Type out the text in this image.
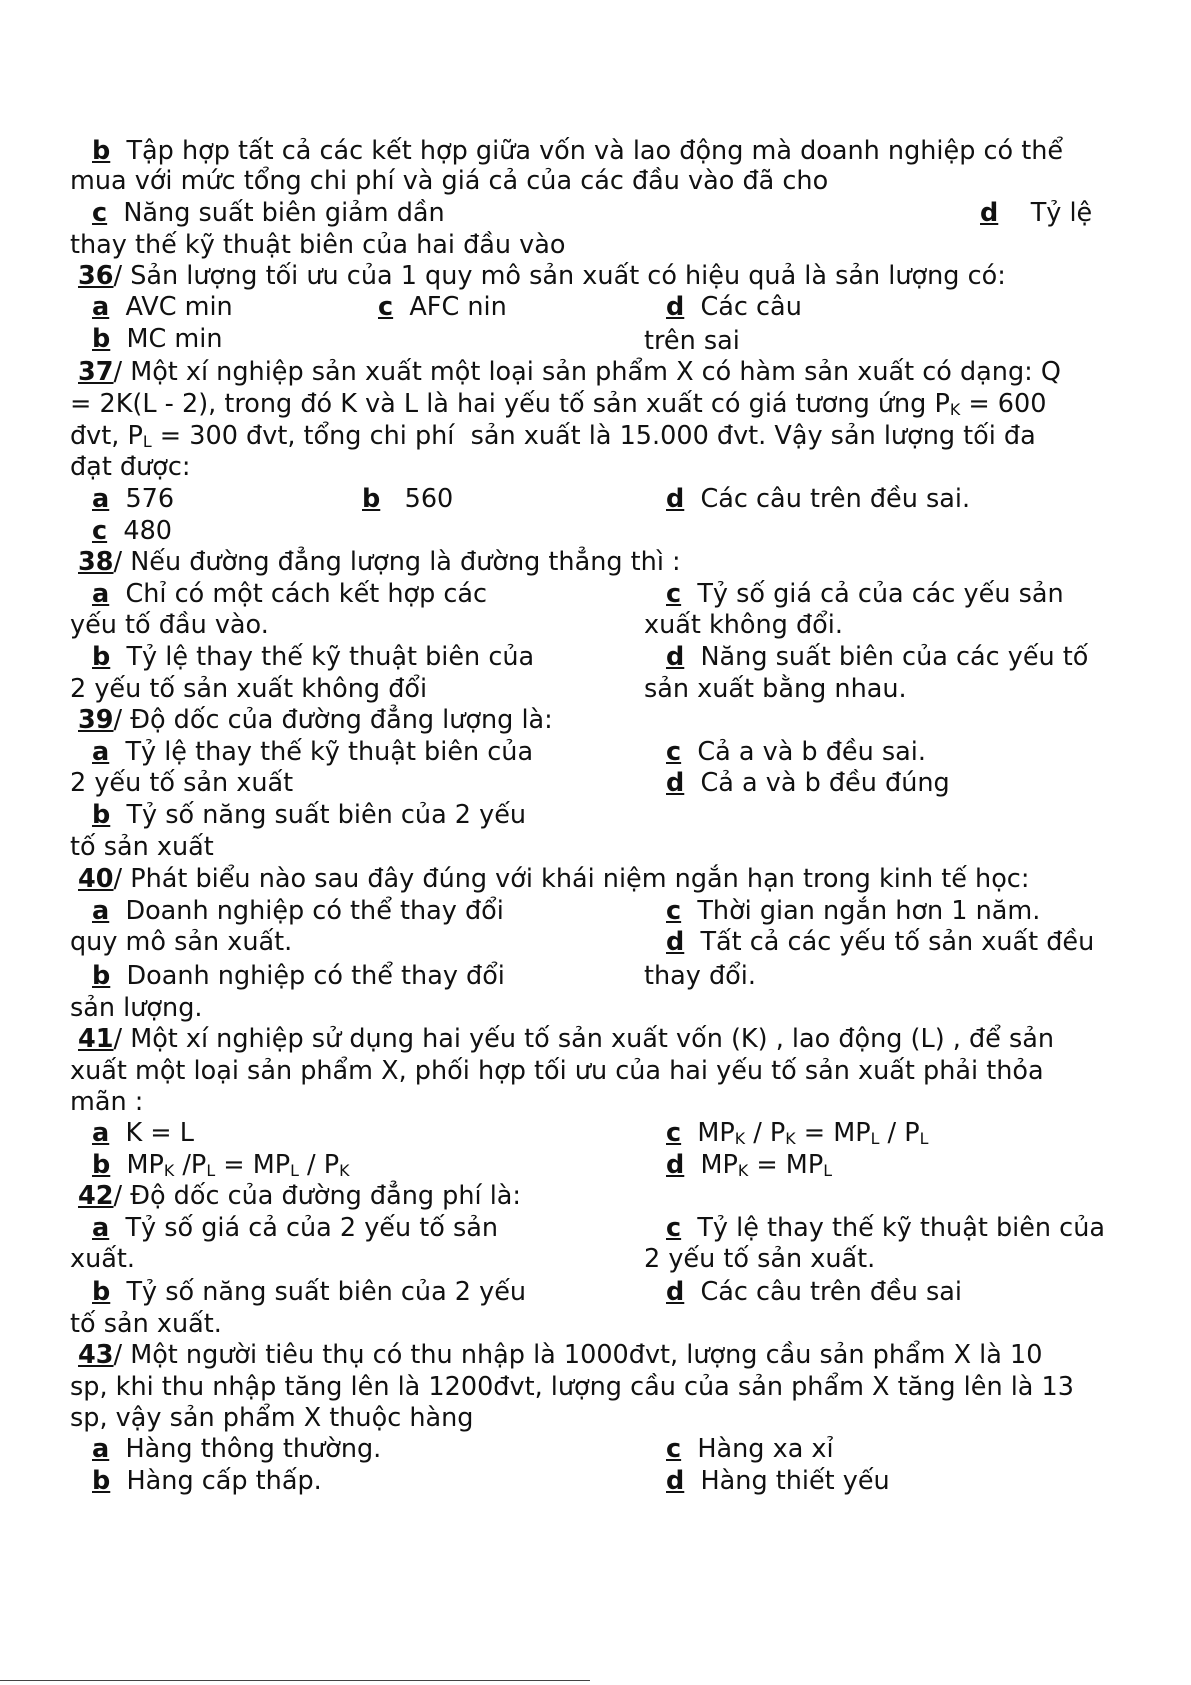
b Tập hợp tất cả các kết hợp giữa vốn và lao động mà doanh nghiệp có thể
mua với mức tổng chi phí và giá cả của các đầu vào đã cho
c Năng suất biên giảm dần	d Tỷ lệ
thay thế kỹ thuật biên của hai đầu vào
36/ Sản lượng tối ưu của 1 quy mô sản xuất có hiệu quả là sản lượng có:
a AVC min	c AFC nin	d Các câu
b MC min	trên sai
37/ Một xí nghiệp sản xuất một loại sản phẩm X có hàm sản xuất có dạng: Q
= 2K(L - 2), trong đó K và L là hai yếu tố sản xuất có giá tương ứng $P_K = 600$
đvt, $P_L = 300$ đvt, tổng chi phí  sản xuất là 15.000 đvt. Vậy sản lượng tối đa
đạt được:
a 576	b 560	d Các câu trên đều sai.
c 480
38/ Nếu đường đẳng lượng là đường thẳng thì :
a Chỉ có một cách kết hợp các	c Tỷ số giá cả của các yếu sản
yếu tố đầu vào.	xuất không đổi.
b Tỷ lệ thay thế kỹ thuật biên của	d Năng suất biên của các yếu tố
2 yếu tố sản xuất không đổi	sản xuất bằng nhau.
39/ Độ dốc của đường đẳng lượng là:
a Tỷ lệ thay thế kỹ thuật biên của	c Cả a và b đều sai.
2 yếu tố sản xuất	d Cả a và b đều đúng
b Tỷ số năng suất biên của 2 yếu
tố sản xuất
40/ Phát biểu nào sau đây đúng với khái niệm ngắn hạn trong kinh tế học:
a Doanh nghiệp có thể thay đổi	c Thời gian ngắn hơn 1 năm.
quy mô sản xuất.	d Tất cả các yếu tố sản xuất đều
b Doanh nghiệp có thể thay đổi	thay đổi.
sản lượng.
41/ Một xí nghiệp sử dụng hai yếu tố sản xuất vốn (K) , lao động (L) , để sản
xuất một loại sản phẩm X, phối hợp tối ưu của hai yếu tố sản xuất phải thỏa
mãn :
a K = L	c $MP_K / P_K = MP_L / P_L$
b $MP_K$ $/P_L = MP_L / P_K$	d $MP_K = MP_L$
42/ Độ dốc của đường đẳng phí là:
a Tỷ số giá cả của 2 yếu tố sản	c Tỷ lệ thay thế kỹ thuật biên của
xuất.	2 yếu tố sản xuất.
b Tỷ số năng suất biên của 2 yếu	d Các câu trên đều sai
tố sản xuất.
43/ Một người tiêu thụ có thu nhập là 1000đvt, lượng cầu sản phẩm X là 10
sp, khi thu nhập tăng lên là 1200đvt, lượng cầu của sản phẩm X tăng lên là 13
sp, vậy sản phẩm X thuộc hàng
a Hàng thông thường.	c Hàng xa xỉ
b Hàng cấp thấp.	d Hàng thiết yếu
